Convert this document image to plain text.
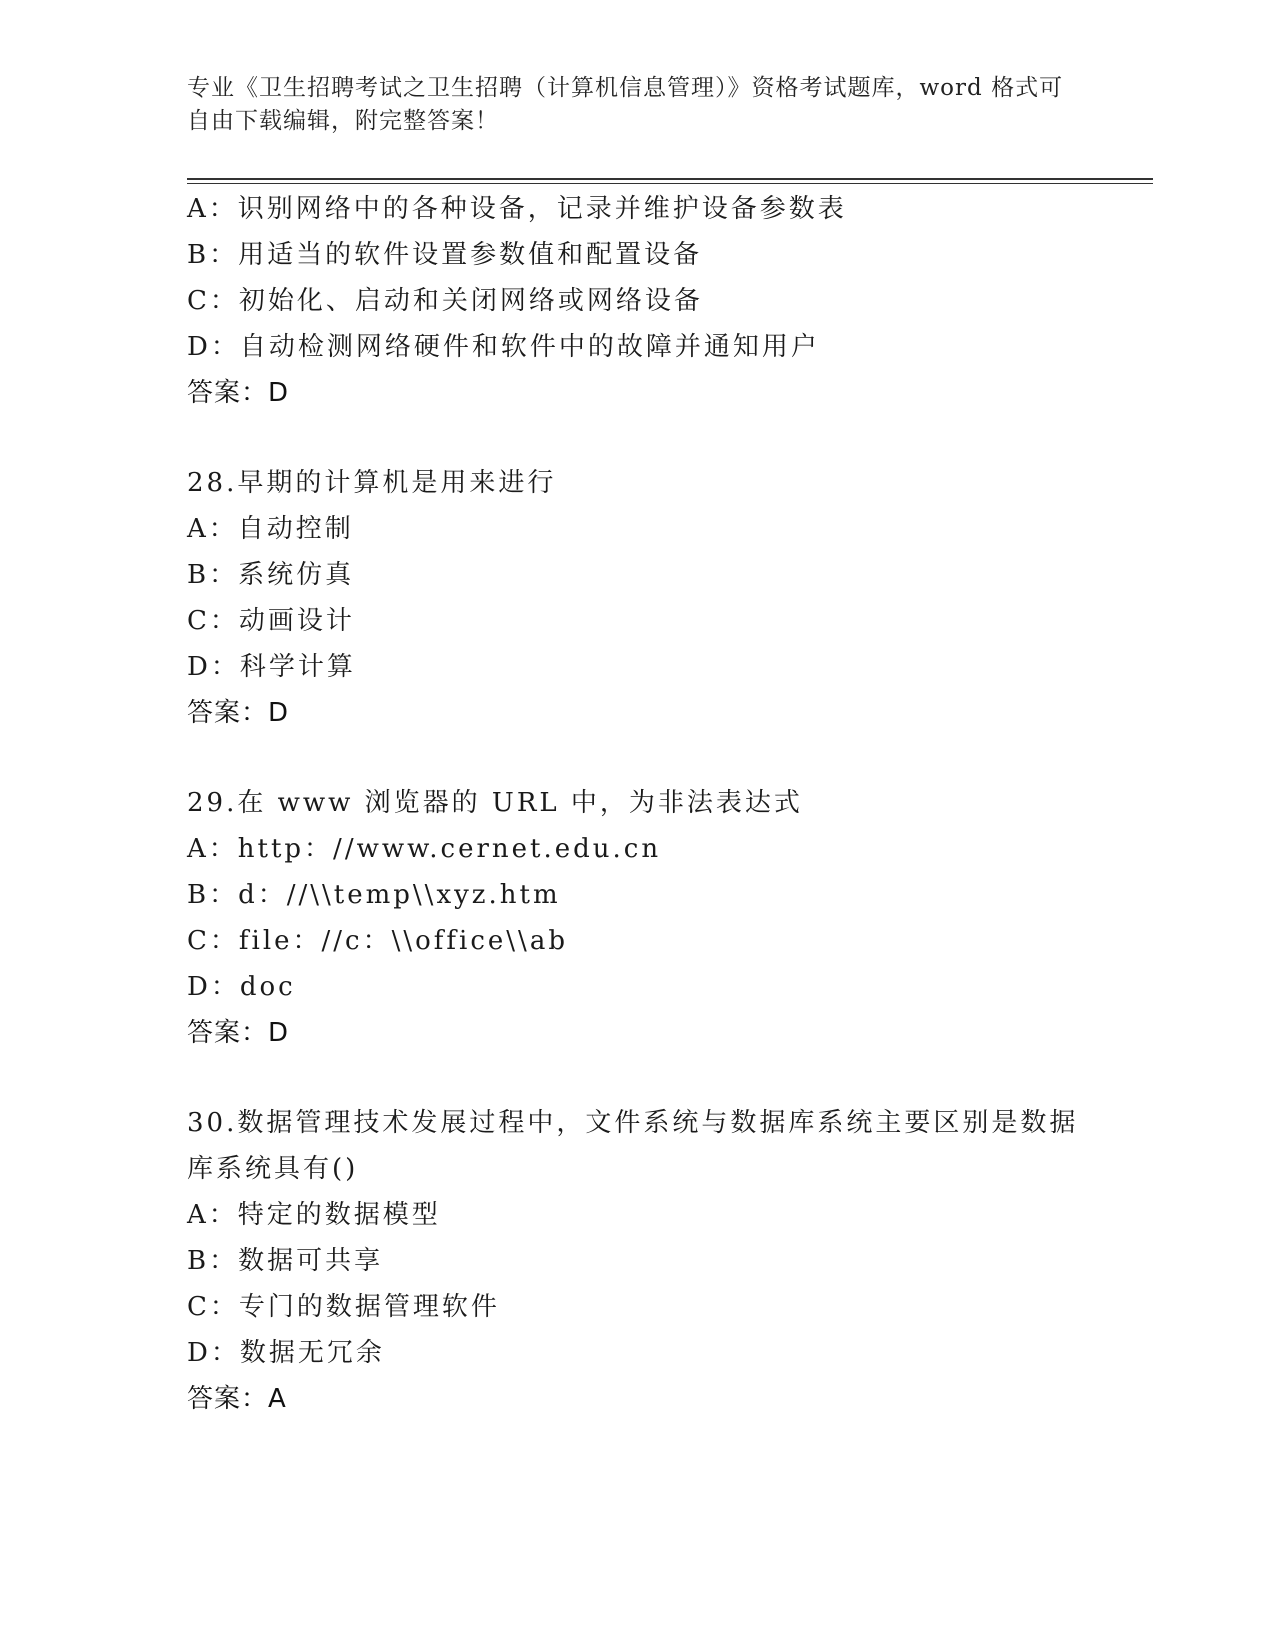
专业《卫生招聘考试之卫生招聘（计算机信息管理）》资格考试题库，word 格式可自由下载编辑，附完整答案！
A：识别网络中的各种设备，记录并维护设备参数表
B：用适当的软件设置参数值和配置设备
C：初始化、启动和关闭网络或网络设备
D：自动检测网络硬件和软件中的故障并通知用户
答案：D
28.早期的计算机是用来进行
A：自动控制
B：系统仿真
C：动画设计
D：科学计算
答案：D
29.在 www 浏览器的 URL 中，为非法表达式
A：http：//www.cernet.edu.cn
B：d：//\\temp\\xyz.htm
C：file：//c：\\office\\ab
D：doc
答案：D
30.数据管理技术发展过程中，文件系统与数据库系统主要区别是数据库系统具有()
A：特定的数据模型
B：数据可共享
C：专门的数据管理软件
D：数据无冗余
答案：A
